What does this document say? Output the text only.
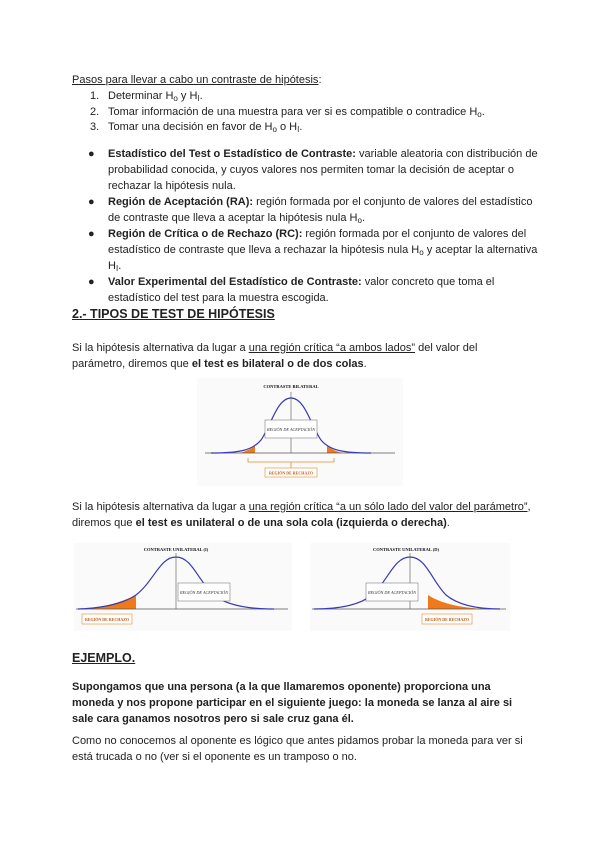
Pasos para llevar a cabo un contraste de hipótesis:
1. Determinar $H_o$ y $H_I$.
2. Tomar información de una muestra para ver si es compatible o contradice $H_o$.
3. Tomar una decisión en favor de $H_o$ o $H_I$.
● Estadístico del Test o Estadístico de Contraste: variable aleatoria con distribución de probabilidad conocida, y cuyos valores nos permiten tomar la decisión de aceptar o rechazar la hipótesis nula.
● Región de Aceptación (RA): región formada por el conjunto de valores del estadístico de contraste que lleva a aceptar la hipótesis nula $H_o$.
● Región de Crítica o de Rechazo (RC): región formada por el conjunto de valores del estadístico de contraste que lleva a rechazar la hipótesis nula $H_o$ y aceptar la alternativa $H_I$.
● Valor Experimental del Estadístico de Contraste: valor concreto que toma el estadístico del test para la muestra escogida.
2.- TIPOS DE TEST DE HIPÓTESIS
Si la hipótesis alternativa da lugar a una región crítica “a ambos lados” del valor del parámetro, diremos que el test es bilateral o de dos colas.
REGIÓN DE ACEPTACIÓN
CONTRASTE BILATERAL
REGIÓN DE RECHAZO
Si la hipótesis alternativa da lugar a una región crítica “a un sólo lado del valor del parámetro”, diremos que el test es unilateral o de una sola cola (izquierda o derecha).
REGIÓN DE ACEPTACIÓN
CONTRASTE UNILATERAL (I)
REGIÓN DE RECHAZO
REGIÓN DE ACEPTACIÓN
CONTRASTE UNILATERAL (D)
REGIÓN DE RECHAZO
EJEMPLO.
Supongamos que una persona (a la que llamaremos oponente) proporciona una moneda y nos propone participar en el siguiente juego: la moneda se lanza al aire si sale cara ganamos nosotros pero si sale cruz gana él.
Como no conocemos al oponente es lógico que antes pidamos probar la moneda para ver si está trucada o no (ver si el oponente es un tramposo o no.
